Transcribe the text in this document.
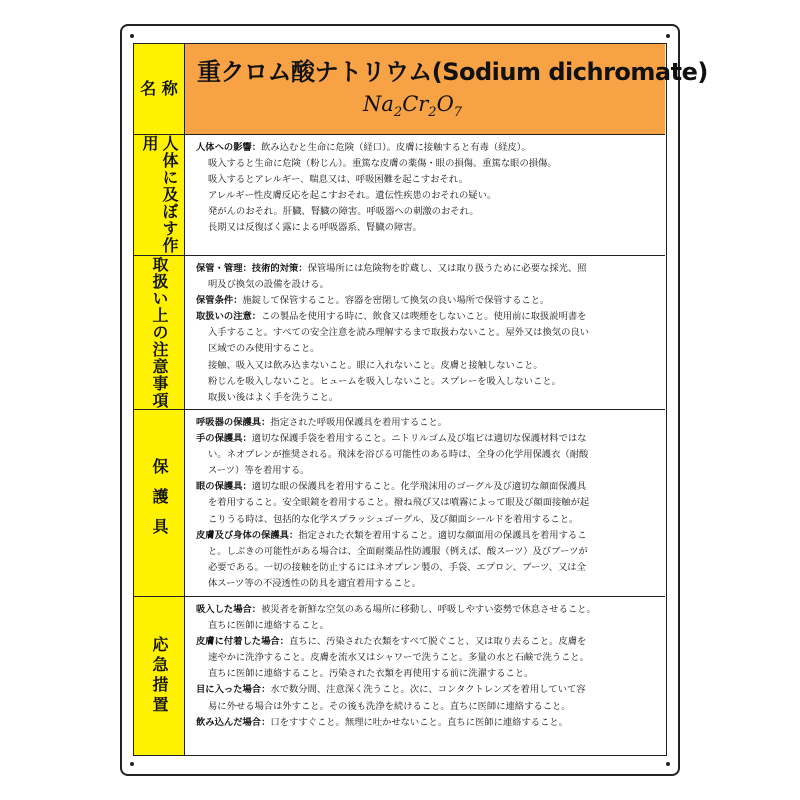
名 称
重クロム酸ナトリウム(Sodium dichromate)
$Na_2Cr_2O_7$
人体に及ぼす作用	人体への影響：飲み込むと生命に危険（経口）。皮膚に接触すると有毒（経皮）。

吸入すると生命に危険（粉じん）。重篤な皮膚の薬傷・眼の損傷。重篤な眼の損傷。

吸入するとアレルギー、喘息又は、呼吸困難を起こすおそれ。

アレルギー性皮膚反応を起こすおそれ。遺伝性疾患のおそれの疑い。

発がんのおそれ。肝臓、腎臓の障害。呼吸器への刺激のおそれ。

長期又は反復ばく露による呼吸器系、腎臓の障害。

取扱い上の注意事項	保管・管理：技術的対策：保管場所には危険物を貯蔵し、又は取り扱うために必要な採光、照

明及び換気の設備を設ける。

保管条件：施錠して保管すること。容器を密閉して換気の良い場所で保管すること。

取扱いの注意：この製品を使用する時に、飲食又は喫煙をしないこと。使用前に取扱説明書を

入手すること。すべての安全注意を読み理解するまで取扱わないこと。屋外又は換気の良い

区域でのみ使用すること。

接触、吸入又は飲み込まないこと。眼に入れないこと。皮膚と接触しないこと。

粉じんを吸入しないこと。ヒュームを吸入しないこと。スプレーを吸入しないこと。

取扱い後はよく手を洗うこと。

保護具

呼吸器の保護具：指定された呼吸用保護具を着用すること。

手の保護具：適切な保護手袋を着用すること。ニトリルゴム及び塩ビは適切な保護材料ではな

い。ネオプレンが推奨される。飛沫を浴びる可能性のある時は、全身の化学用保護衣（耐酸

スーツ）等を着用する。

眼の保護具：適切な眼の保護具を着用すること。化学飛沫用のゴーグル及び適切な顔面保護具

を着用すること。安全眼鏡を着用すること。撥ね飛び又は噴霧によって眼及び顔面接触が起

こりうる時は、包括的な化学スプラッシュゴーグル、及び顔面シールドを着用すること。

皮膚及び身体の保護具：指定された衣類を着用すること。適切な顔面用の保護具を着用するこ

と。しぶきの可能性がある場合は、全面耐薬品性防護服（例えば、酸スーツ）及びブーツが

必要である。一切の接触を防止するにはネオプレン製の、手袋、エプロン、ブーツ、又は全

体スーツ等の不浸透性の防具を適宜着用すること。

応急措置

吸入した場合：被災者を新鮮な空気のある場所に移動し、呼吸しやすい姿勢で休息させること。

直ちに医師に連絡すること。

皮膚に付着した場合：直ちに、汚染された衣類をすべて脱ぐこと、又は取り去ること。皮膚を

速やかに洗浄すること。皮膚を流水又はシャワーで洗うこと。多量の水と石鹸で洗うこと。

直ちに医師に連絡すること。汚染された衣類を再使用する前に洗濯すること。

目に入った場合：水で数分間、注意深く洗うこと。次に、コンタクトレンズを着用していて容

易に外せる場合は外すこと。その後も洗浄を続けること。直ちに医師に連絡すること。

飲み込んだ場合：口をすすぐこと。無理に吐かせないこと。直ちに医師に連絡すること。
